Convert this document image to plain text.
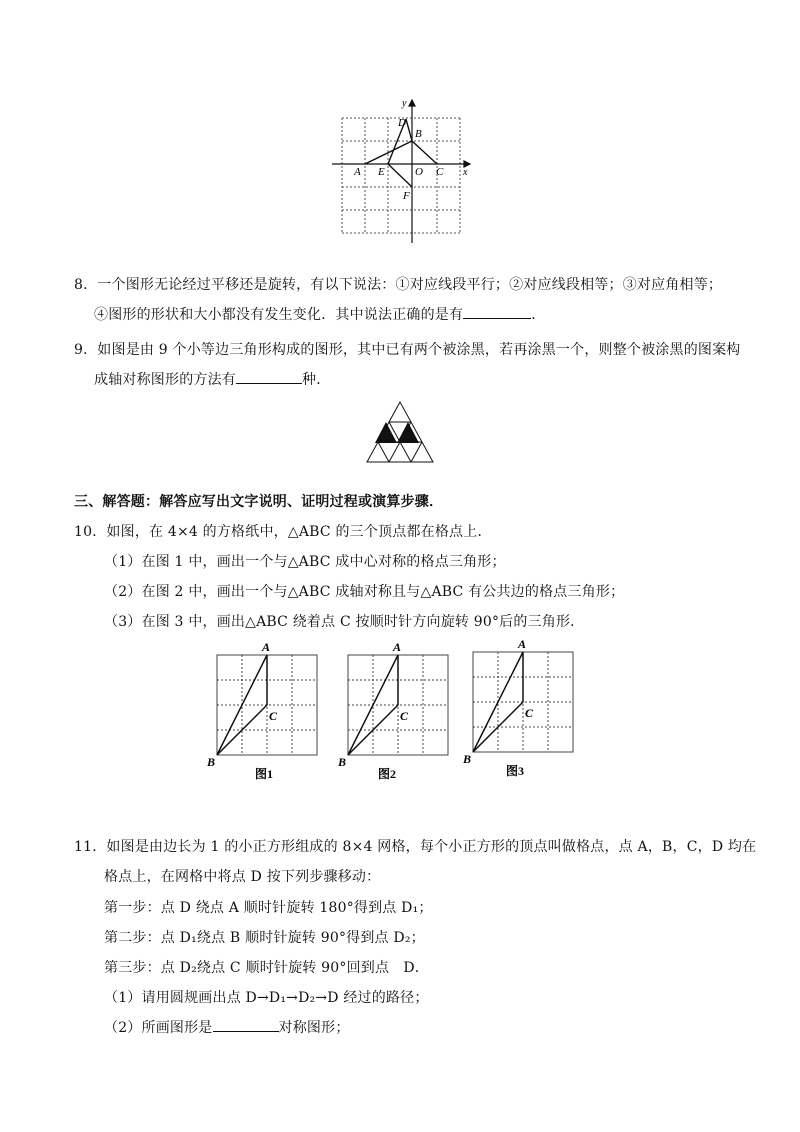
A E	O C x
y
D
B
F
8．一个图形无论经过平移还是旋转，有以下说法：①对应线段平行；②对应线段相等；③对应角相等；
④图形的形状和大小都没有发生变化．其中说法正确的是有	．
9．如图是由 9 个小等边三角形构成的图形，其中已有两个被涂黑，若再涂黑一个，则整个被涂黑的图案构
成轴对称图形的方法有	种．
三、解答题：解答应写出文字说明、证明过程或演算步骤．
10．如图，在 4×4 的方格纸中，△ABC 的三个顶点都在格点上．
（1）在图 1 中，画出一个与△ABC 成中心对称的格点三角形；
（2）在图 2 中，画出一个与△ABC 成轴对称且与△ABC 有公共边的格点三角形；
（3）在图 3 中，画出△ABC 绕着点 C 按顺时针方向旋转 90°后的三角形．
A
B
C
图1
A
B
C
图2
A
B
C
图3
11．如图是由边长为 1 的小正方形组成的 8×4 网格，每个小正方形的顶点叫做格点，点 A，B，C，D 均在
格点上，在网格中将点 D 按下列步骤移动：
第一步：点 D 绕点 A 顺时针旋转 180°得到点 D₁；
第二步：点 D₁绕点 B 顺时针旋转 90°得到点 D₂；
第三步：点 D₂绕点 C 顺时针旋转 90°回到点　D．
（1）请用圆规画出点 D→D₁→D₂→D 经过的路径；
（2）所画图形是	对称图形；
